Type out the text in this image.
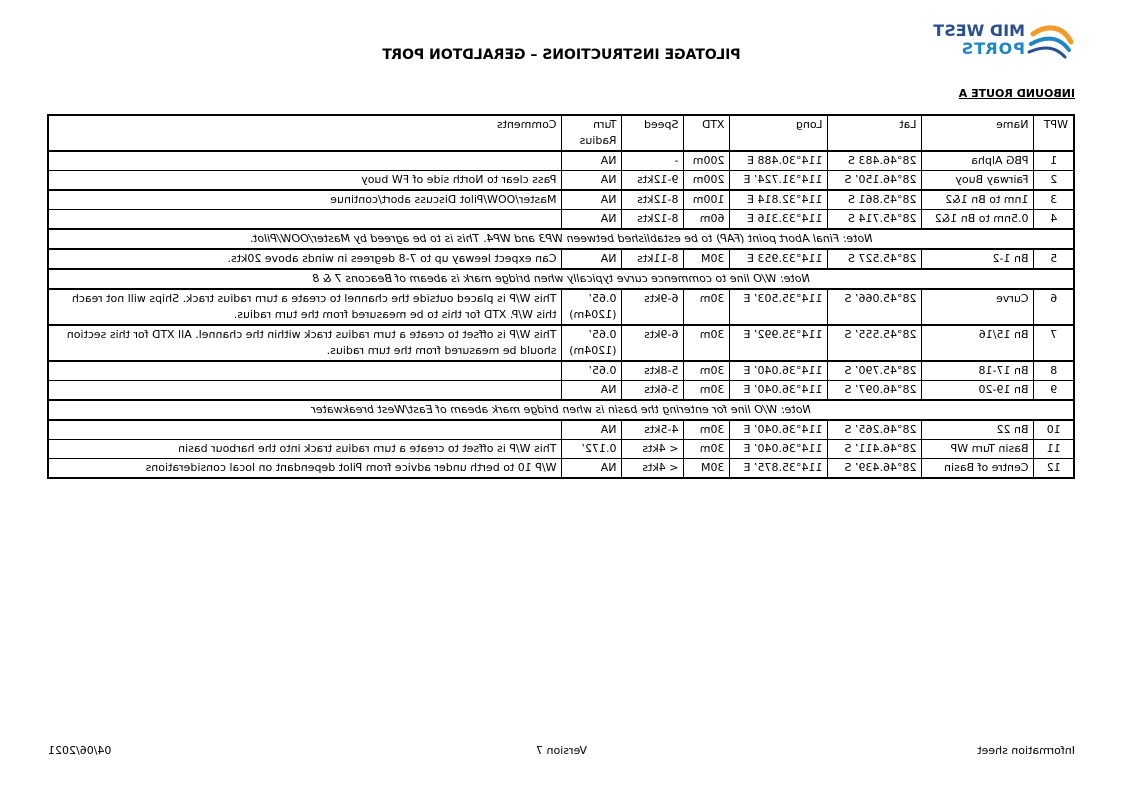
MID WEST
PORTS
PILOTAGE INSTRUCTIONS – GERALDTON PORT
INBOUND ROUTE A
WPT	Name	Lat	Long	XTD	Speed	Turn Radius	Comments
1	PBG Alpha	28°46.483 S	114°30.488 E	200m	-	NA	
2	Fairway Buoy	28°46.150’ S	114°31.724’ E	200m	9-12kts	NA	Pass clear to North side of FW buoy
3	1nm to Bn 1&2	28°45.861 S	114°32.814 E	100m	8-12kts	NA	Master/OOW/Pilot Discuss abort/continue
4	0.5nm to Bn 1&2	28°45.714 S	114°33.316 E	60m	8-12kts	NA	
Note: Final Abort point (FAP) to be established between WP3 and WP4. This is to be agreed by Master/OOW/Pilot.							
5	Bn 1-2	28°45.527 S	114°33.953 E	30M	8-11kts	NA	Can expect leeway up to 7-8 degrees in winds above 20kts.
Note: W/O line to commence curve typically when bridge mark is abeam of Beacons 7 & 8							
6	Curve	28°45.066’ S	114°35.503’ E	30m	6-9kts	0.65’ (1204m)	This W/P is placed outside the channel to create a turn radius track. Ships will not reach this W/P. XTD for this to be measured from the turn radius.
7	Bn 15/16	28°45.555’ S	114°35.992’ E	30m	6-9kts	0.65’ (1204m)	This W/P is offset to create a turn radius track within the channel. All XTD for this section should be measured from the turn radius.
8	Bn 17-18	28°45.790’ S	114°36.040’ E	30m	5-8kts	0.65’	
9	Bn 19-20	28°46.097’ S	114°36.040’ E	30m	5-6kts	NA	
Note: W/O line for entering the basin is when bridge mark abeam of East/West breakwater							
10	Bn 22	28°46.265’ S	114°36.040’ E	30m	4-5kts	NA	
11	Basin Turn WP	28°46.411’ S	114°36.040’ E	30m	< 4kts	0.172’	This W/P is offset to create a turn radius track into the harbour basin
12	Centre of Basin	28°46.439’ S	114°35.875’ E	30M	< 4kts	NA	W/P 10 to berth under advice from Pilot dependant on local considerations
Information sheet
Version 7
04/06/2021
